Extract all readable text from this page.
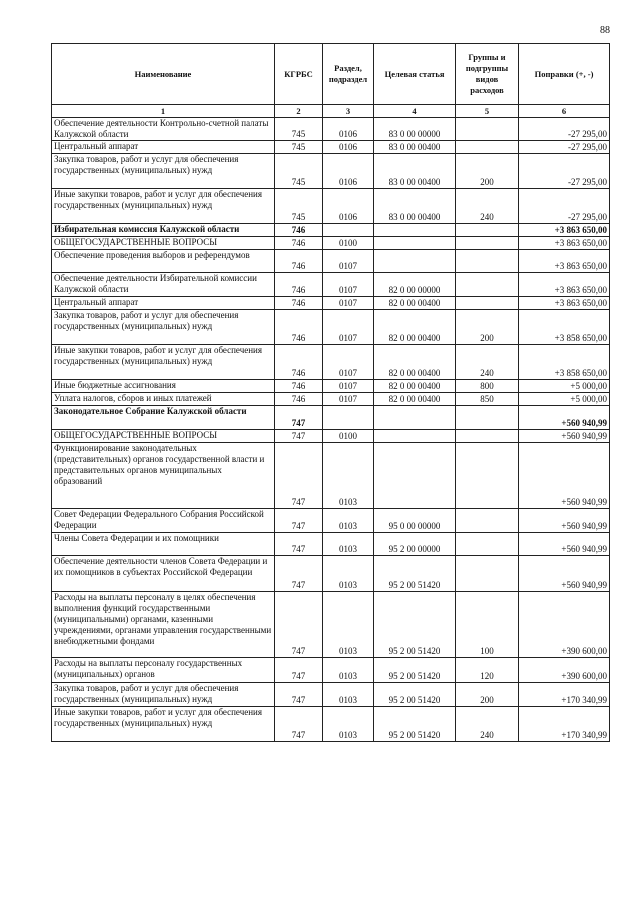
88
Наименование	КГРБС	Раздел, подраздел	Целевая статья	Группы и подгруппы видов расходов	Поправки (+, -)
1	2	3	4	5	6
Обеспечение деятельности Контрольно-счетной палаты Калужской области	745	0106	83 0 00 00000		-27 295,00
Центральный аппарат	745	0106	83 0 00 00400		-27 295,00
Закупка товаров, работ и услуг для обеспечения государственных (муниципальных) нужд	745	0106	83 0 00 00400	200	-27 295,00
Иные закупки товаров, работ и услуг для обеспечения государственных (муниципальных) нужд	745	0106	83 0 00 00400	240	-27 295,00
Избирательная комиссия Калужской области	746				+3 863 650,00
ОБЩЕГОСУДАРСТВЕННЫЕ ВОПРОСЫ	746	0100			+3 863 650,00
Обеспечение проведения выборов и референдумов	746	0107			+3 863 650,00
Обеспечение деятельности Избирательной комиссии Калужской области	746	0107	82 0 00 00000		+3 863 650,00
Центральный аппарат	746	0107	82 0 00 00400		+3 863 650,00
Закупка товаров, работ и услуг для обеспечения государственных (муниципальных) нужд	746	0107	82 0 00 00400	200	+3 858 650,00
Иные закупки товаров, работ и услуг для обеспечения государственных (муниципальных) нужд	746	0107	82 0 00 00400	240	+3 858 650,00
Иные бюджетные ассигнования	746	0107	82 0 00 00400	800	+5 000,00
Уплата налогов, сборов и иных платежей	746	0107	82 0 00 00400	850	+5 000,00
Законодательное Собрание Калужской области	747				+560 940,99
ОБЩЕГОСУДАРСТВЕННЫЕ ВОПРОСЫ	747	0100			+560 940,99
Функционирование законодательных (представительных) органов государственной власти и представительных органов муниципальных образований	747	0103			+560 940,99
Совет Федерации Федерального Собрания Российской Федерации	747	0103	95 0 00 00000		+560 940,99
Члены Совета Федерации и их помощники	747	0103	95 2 00 00000		+560 940,99
Обеспечение деятельности членов Совета Федерации и их помощников в субъектах Российской Федерации	747	0103	95 2 00 51420		+560 940,99
Расходы на выплаты персоналу в целях обеспечения выполнения функций государственными (муниципальными) органами, казенными учреждениями, органами управления государственными внебюджетными фондами	747	0103	95 2 00 51420	100	+390 600,00
Расходы на выплаты персоналу государственных (муниципальных) органов	747	0103	95 2 00 51420	120	+390 600,00
Закупка товаров, работ и услуг для обеспечения государственных (муниципальных) нужд	747	0103	95 2 00 51420	200	+170 340,99
Иные закупки товаров, работ и услуг для обеспечения государственных (муниципальных) нужд	747	0103	95 2 00 51420	240	+170 340,99
